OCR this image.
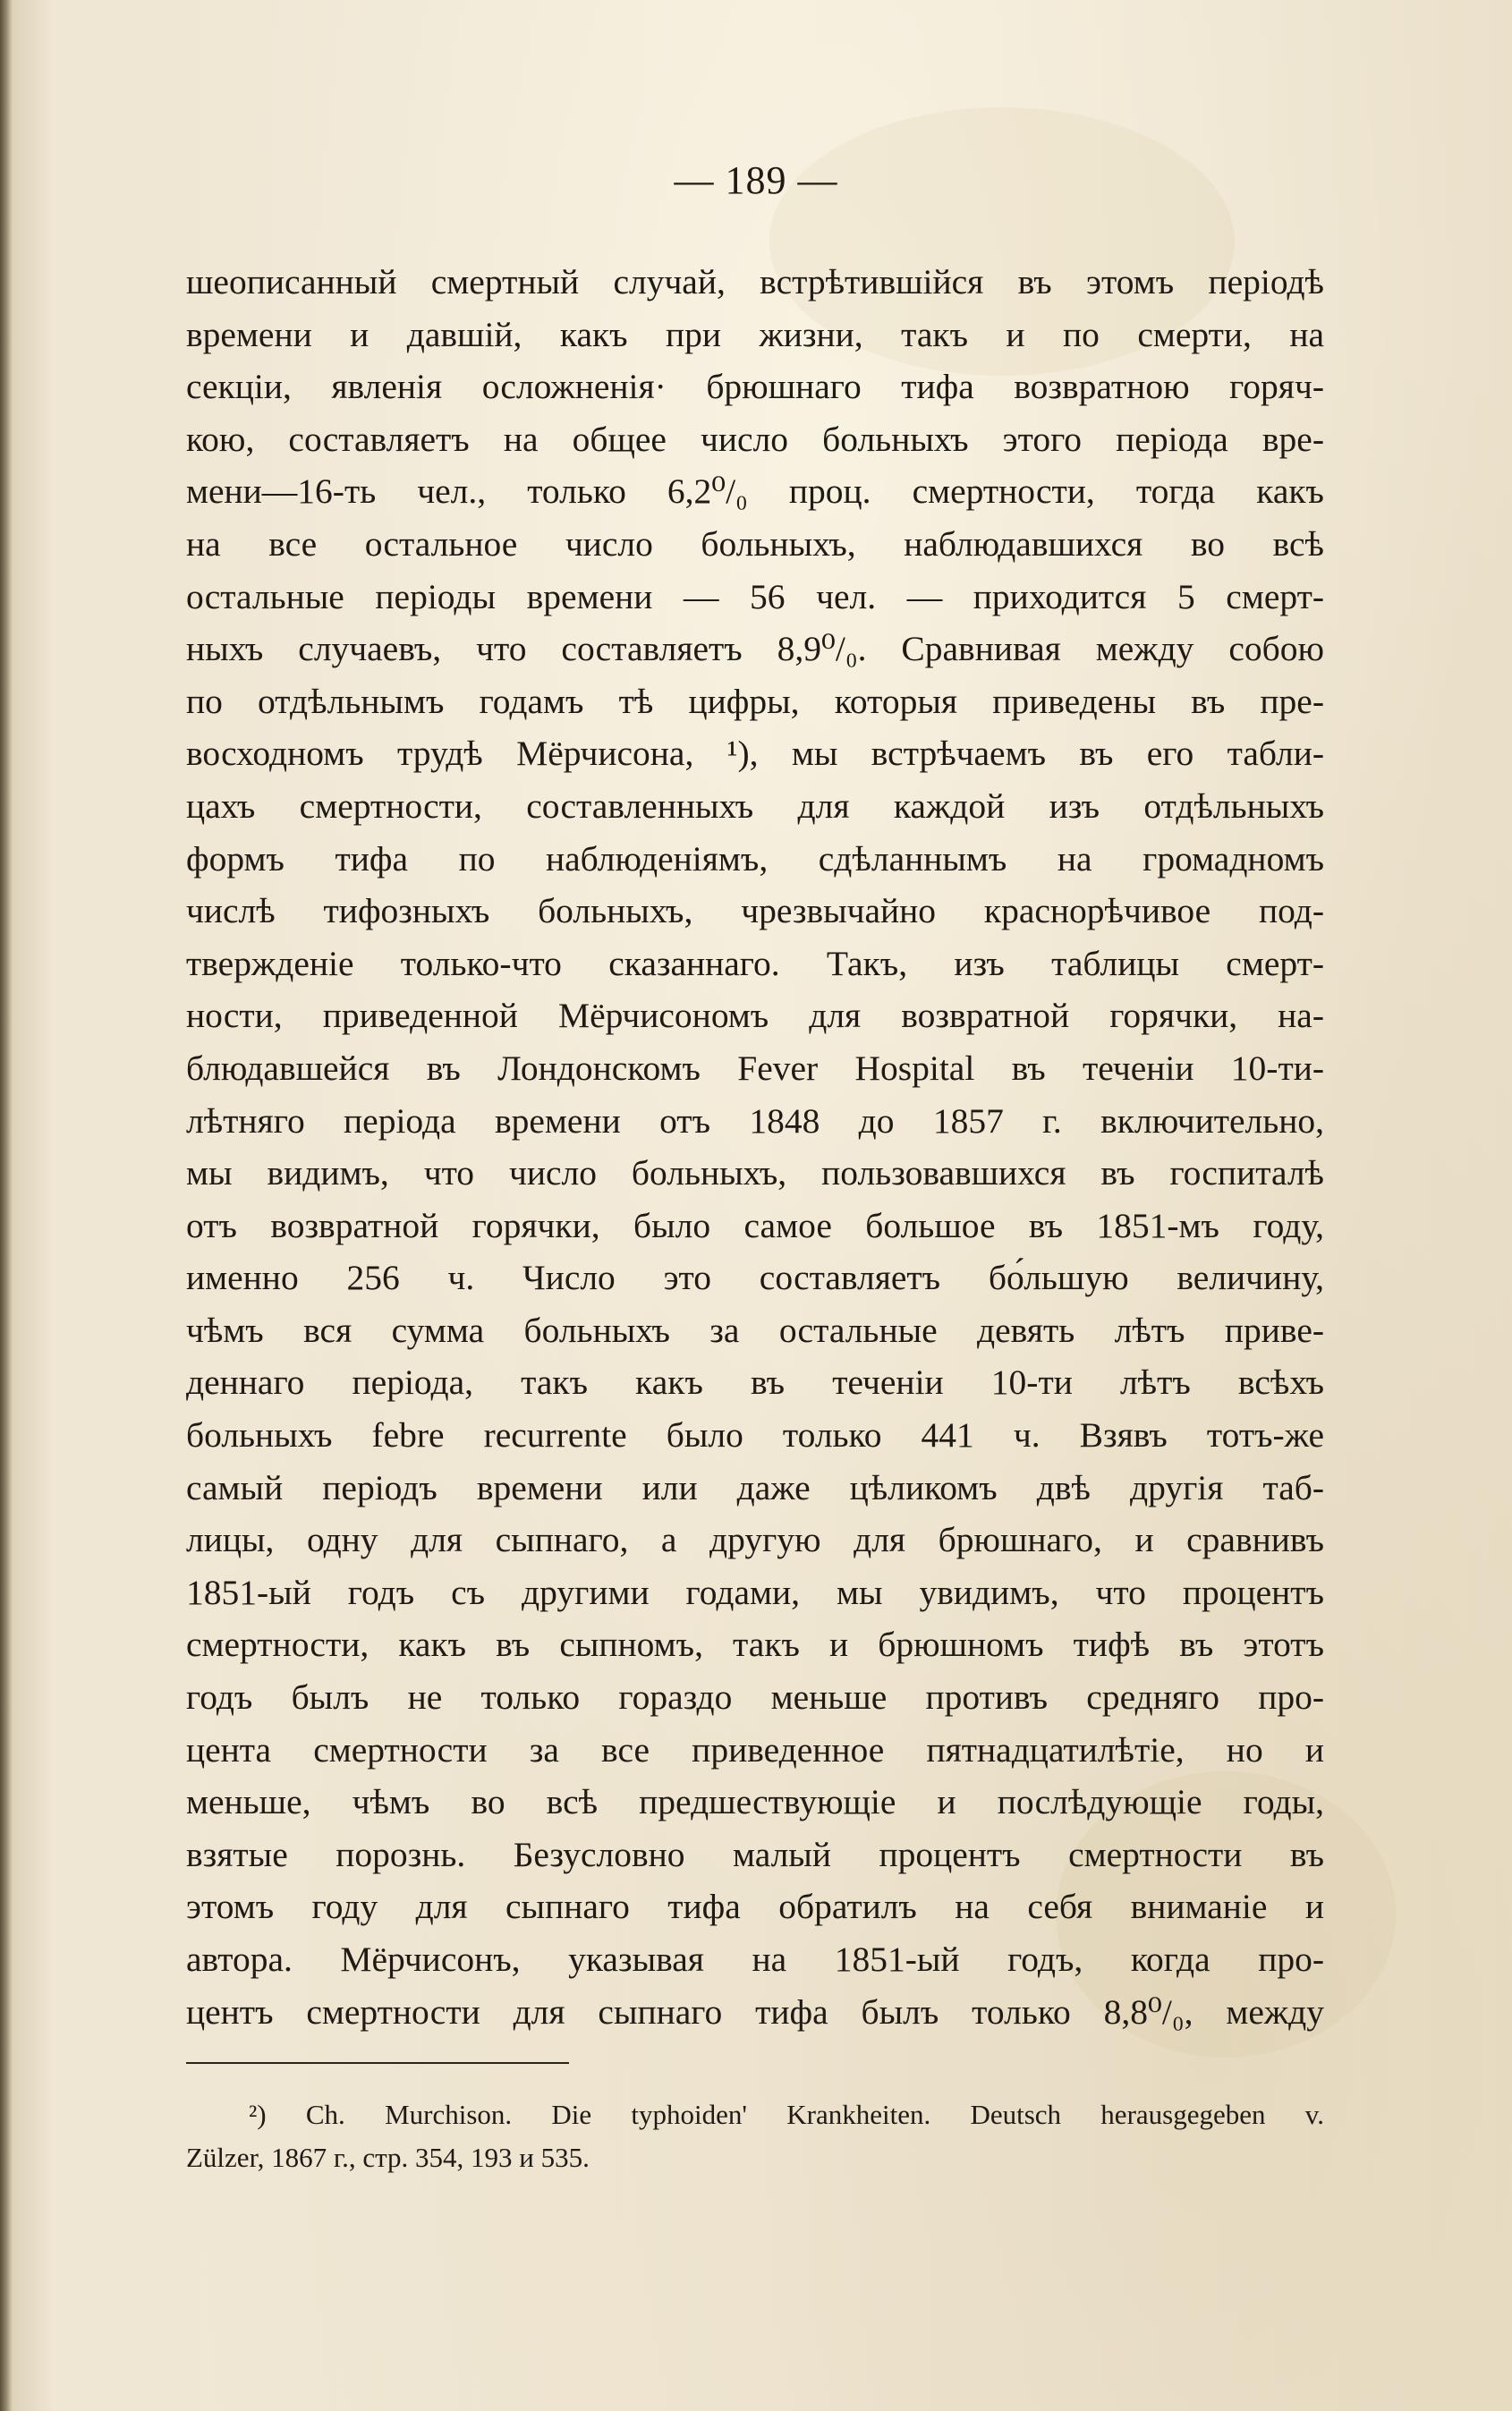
— 189 —
шеописанный смертный случай, встрѣтившійся въ этомъ періодѣ
времени и давшій, какъ при жизни, такъ и по смерти, на
секціи, явленія осложненія· брюшнаго тифа возвратною горяч-
кою, составляетъ на общее число больныхъ этого періода вре-
мени—16-ть чел., только 6,2⁰/₀ проц. смертности, тогда какъ
на все остальное число больныхъ, наблюдавшихся во всѣ
остальные періоды времени — 56 чел. — приходится 5 смерт-
ныхъ случаевъ, что составляетъ 8,9⁰/₀. Сравнивая между собою
по отдѣльнымъ годамъ тѣ цифры, которыя приведены въ пре-
восходномъ трудѣ Мёрчисона, ¹), мы встрѣчаемъ въ его табли-
цахъ смертности, составленныхъ для каждой изъ отдѣльныхъ
формъ тифа по наблюденіямъ, сдѣланнымъ на громадномъ
числѣ тифозныхъ больныхъ, чрезвычайно краснорѣчивое под-
твержденіе только-что сказаннаго. Такъ, изъ таблицы смерт-
ности, приведенной Мёрчисономъ для возвратной горячки, на-
блюдавшейся въ Лондонскомъ Fever Hospital въ теченіи 10-ти-
лѣтняго періода времени отъ 1848 до 1857 г. включительно,
мы видимъ, что число больныхъ, пользовавшихся въ госпиталѣ
отъ возвратной горячки, было самое большое въ 1851-мъ году,
именно 256 ч. Число это составляетъ бо́льшую величину,
чѣмъ вся сумма больныхъ за остальные девять лѣтъ приве-
деннаго періода, такъ какъ въ теченіи 10-ти лѣтъ всѣхъ
больныхъ febre recurrente было только 441 ч. Взявъ тотъ-же
самый періодъ времени или даже цѣликомъ двѣ другія таб-
лицы, одну для сыпнаго, а другую для брюшнаго, и сравнивъ
1851-ый годъ съ другими годами, мы увидимъ, что процентъ
смертности, какъ въ сыпномъ, такъ и брюшномъ тифѣ въ этотъ
годъ былъ не только гораздо меньше противъ средняго про-
цента смертности за все приведенное пятнадцатилѣтіе, но и
меньше, чѣмъ во всѣ предшествующіе и послѣдующіе годы,
взятые порознь. Безусловно малый процентъ смертности въ
этомъ году для сыпнаго тифа обратилъ на себя вниманіе и
автора. Мёрчисонъ, указывая на 1851-ый годъ, когда про-
центъ смертности для сыпнаго тифа былъ только 8,8⁰/₀, между
²) Ch. Murchison. Die typhoiden' Krankheiten. Deutsch herausgegeben v.
Zülzer, 1867 г., стр. 354, 193 и 535.
